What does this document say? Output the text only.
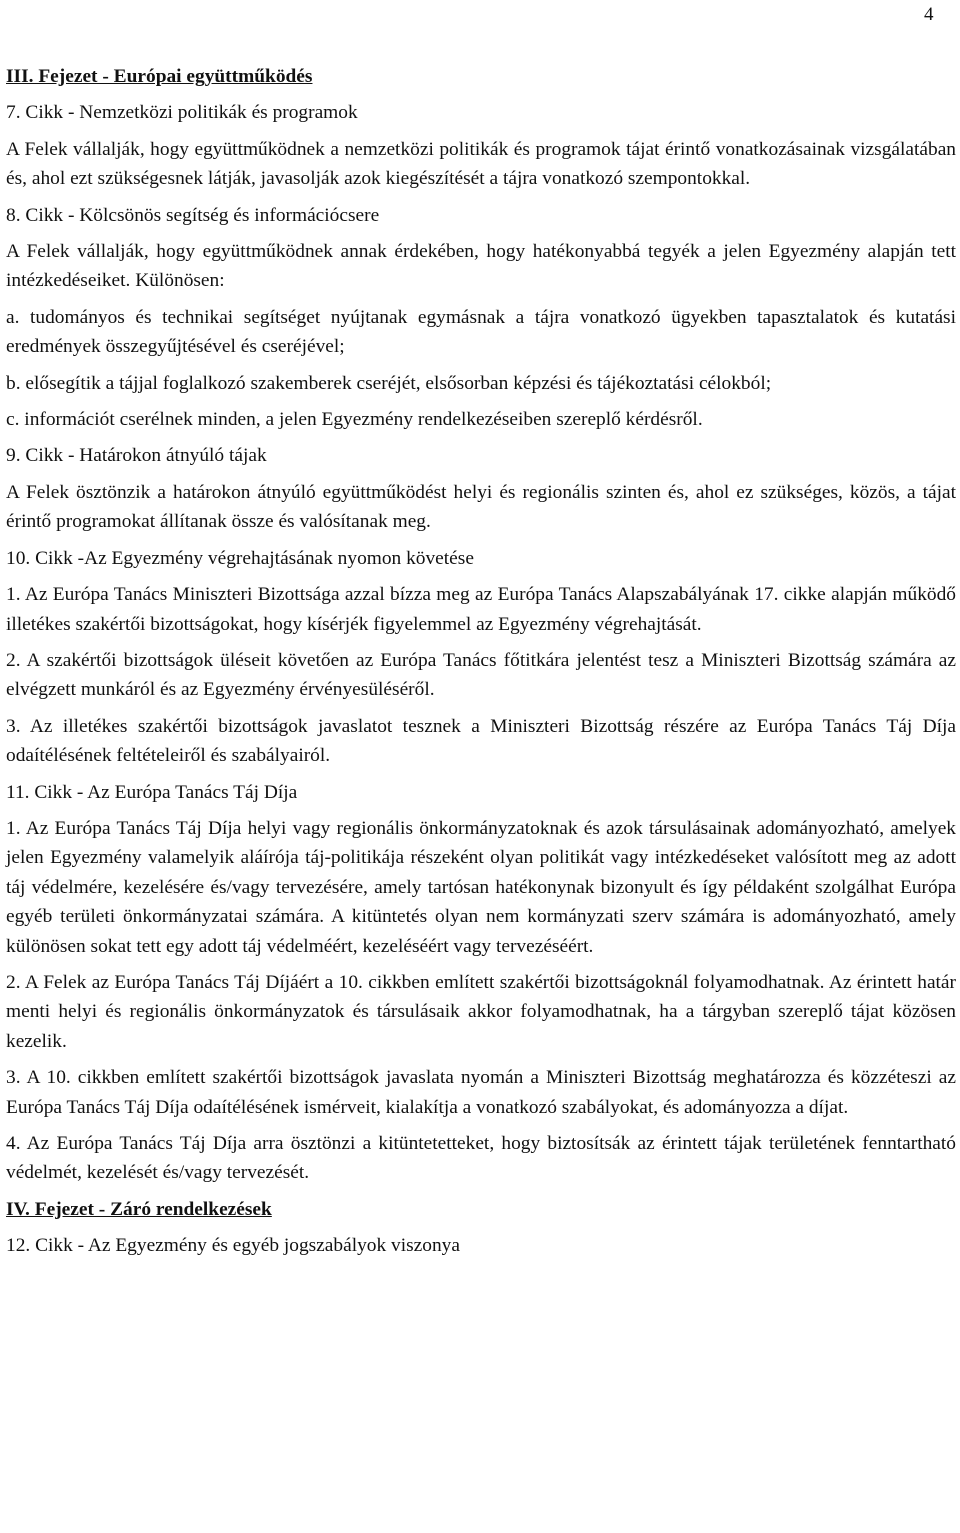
4

III. Fejezet - Európai együttműködés

7. Cikk - Nemzetközi politikák és programok

A Felek vállalják, hogy együttműködnek a nemzetközi politikák és programok tájat érintő vonatkozásainak vizsgálatában és, ahol ezt szükségesnek látják, javasolják azok kiegészítését a tájra vonatkozó szempontokkal.

8. Cikk - Kölcsönös segítség és információcsere

A Felek vállalják, hogy együttműködnek annak érdekében, hogy hatékonyabbá tegyék a jelen Egyezmény alapján tett intézkedéseiket. Különösen:

a. tudományos és technikai segítséget nyújtanak egymásnak a tájra vonatkozó ügyekben tapasztalatok és kutatási eredmények összegyűjtésével és cseréjével;

b. elősegítik a tájjal foglalkozó szakemberek cseréjét, elsősorban képzési és tájékoztatási célokból;

c. információt cserélnek minden, a jelen Egyezmény rendelkezéseiben szereplő kérdésről.

9. Cikk - Határokon átnyúló tájak

A Felek ösztönzik a határokon átnyúló együttműködést helyi és regionális szinten és, ahol ez szükséges, közös, a tájat érintő programokat állítanak össze és valósítanak meg.

10. Cikk -Az Egyezmény végrehajtásának nyomon követése

1. Az Európa Tanács Miniszteri Bizottsága azzal bízza meg az Európa Tanács Alapszabályának 17. cikke alapján működő illetékes szakértői bizottságokat, hogy kísérjék figyelemmel az Egyezmény végrehajtását.

2. A szakértői bizottságok üléseit követően az Európa Tanács főtitkára jelentést tesz a Miniszteri Bizottság számára az elvégzett munkáról és az Egyezmény érvényesüléséről.

3. Az illetékes szakértői bizottságok javaslatot tesznek a Miniszteri Bizottság részére az Európa Tanács Táj Díja odaítélésének feltételeiről és szabályairól.

11. Cikk - Az Európa Tanács Táj Díja

1. Az Európa Tanács Táj Díja helyi vagy regionális önkormányzatoknak és azok társulásainak adományozható, amelyek jelen Egyezmény valamelyik aláírója táj-politikája részeként olyan politikát vagy intézkedéseket valósított meg az adott táj védelmére, kezelésére és/vagy tervezésére, amely tartósan hatékonynak bizonyult és így példaként szolgálhat Európa egyéb területi önkormányzatai számára. A kitüntetés olyan nem kormányzati szerv számára is adományozható, amely különösen sokat tett egy adott táj védelméért, kezeléséért vagy tervezéséért.

2. A Felek az Európa Tanács Táj Díjáért a 10. cikkben említett szakértői bizottságoknál folyamodhatnak. Az érintett határ menti helyi és regionális önkormányzatok és társulásaik akkor folyamodhatnak, ha a tárgyban szereplő tájat közösen kezelik.

3. A 10. cikkben említett szakértői bizottságok javaslata nyomán a Miniszteri Bizottság meghatározza és közzéteszi az Európa Tanács Táj Díja odaítélésének ismérveit, kialakítja a vonatkozó szabályokat, és adományozza a díjat.

4. Az Európa Tanács Táj Díja arra ösztönzi a kitüntetetteket, hogy biztosítsák az érintett tájak területének fenntartható védelmét, kezelését és/vagy tervezését.

IV. Fejezet - Záró rendelkezések

12. Cikk - Az Egyezmény és egyéb jogszabályok viszonya
